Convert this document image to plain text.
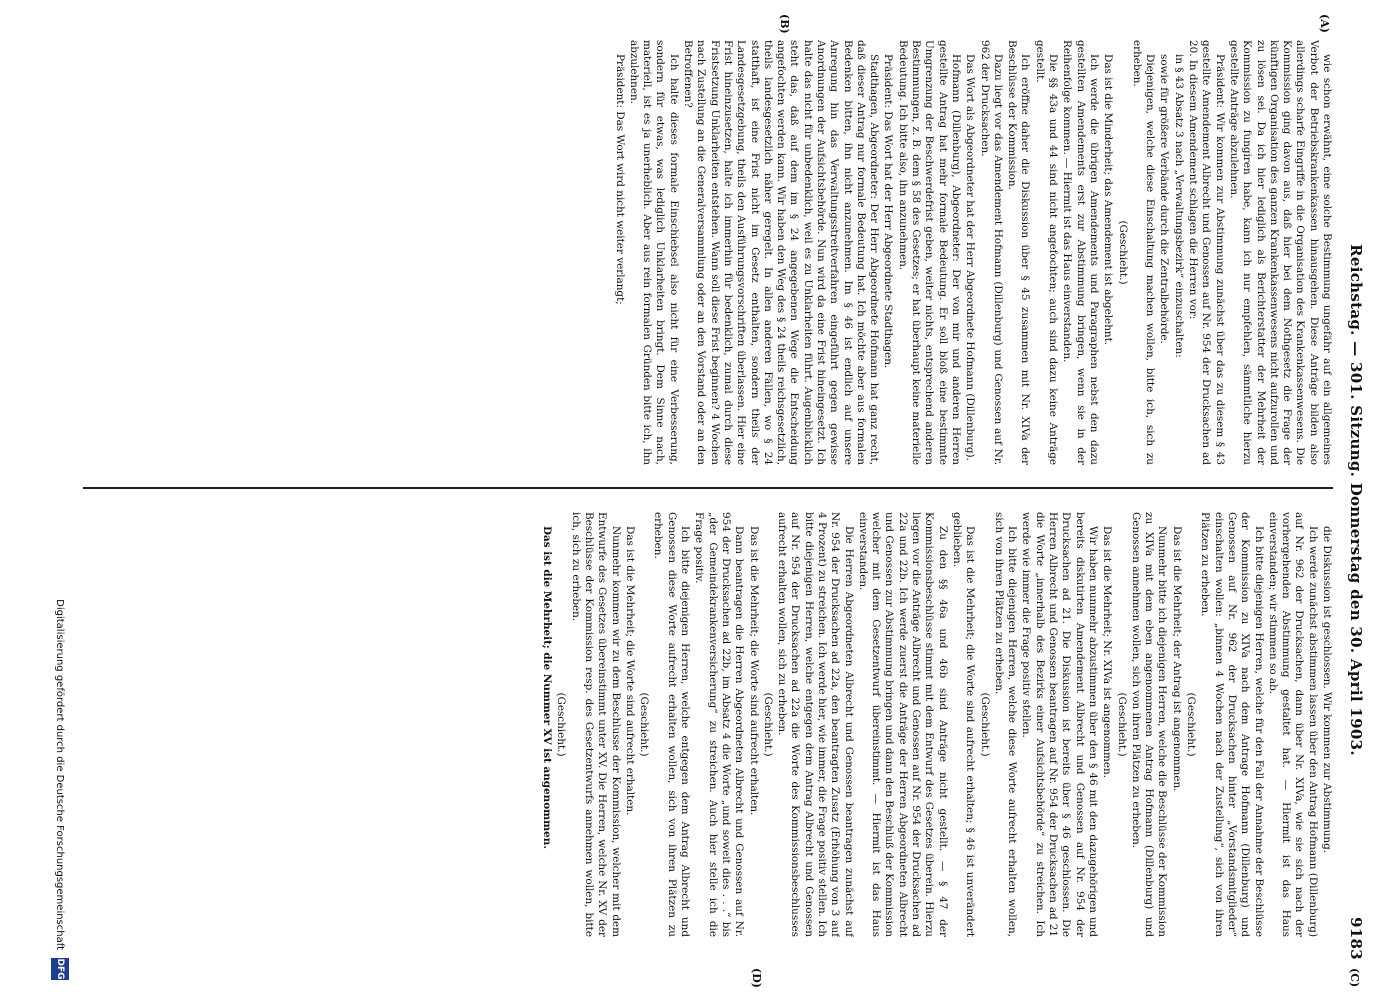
Reichstag. — 301. Sitzung. Donnerstag den 30. April 1903.
9183
(A)
(B)
(C)
(D)

wie schon erwähnt, eine solche Bestimmung ungefähr auf ein allgemeines Verbot der Betriebskrankenkassen hinausgehen. Diese Anträge bilden also allerdings scharfe Eingriffe in die Organisation des Krankenkassenwesens. Die Kommission ging davon aus, daß hier bei dem Nothgesetz die Frage der künftigen Organisation des ganzen Krankenkassenwesens nicht aufzurollen und zu lösen sei. Da ich hier lediglich als Berichterstatter der Mehrheit der Kommission zu fungiren habe, kann ich nur empfehlen, sämmtliche hierzu gestellte Anträge abzulehnen.

Präsident: Wir kommen zur Abstimmung zunächst über das zu diesem § 43 gestellte Amendement Albrecht und Genossen auf Nr. 954 der Drucksachen ad 20. In diesem Amendement schlagen die Herren vor:

in § 43 Absatz 3 nach „Verwaltungsbezirk“ einzuschalten:

sowie für größere Verbände durch die Zentralbehörde.

Diejenigen, welche diese Einschaltung machen wollen, bitte ich, sich zu erheben.

(Geschieht.)

Das ist die Minderheit; das Amendement ist abgelehnt.

Ich werde die übrigen Amendements und Paragraphen nebst den dazu gestellten Amendements erst zur Abstimmung bringen, wenn sie in der Reihenfolge kommen. — Hiermit ist das Haus einverstanden.

Die §§ 43a und 44 sind nicht angefochten; auch sind dazu keine Anträge gestellt.

Ich eröffne daher die Diskussion über § 45 zusammen mit Nr. XIVa der Beschlüsse der Kommission.

Dazu liegt vor das Amendement Hofmann (Dillenburg) und Genossen auf Nr. 962 der Drucksachen.

Das Wort als Abgeordneter hat der Herr Abgeordnete Hofmann (Dillenburg).

Hofmann (Dillenburg), Abgeordneter: Der von mir und anderen Herren gestellte Antrag hat mehr formale Bedeutung. Er soll bloß eine bestimmte Umgrenzung der Beschwerdefrist geben, weiter nichts, entsprechend anderen Bestimmungen, z. B. dem § 58 des Gesetzes; er hat überhaupt keine materielle Bedeutung. Ich bitte also, ihn anzunehmen.

Präsident: Das Wort hat der Herr Abgeordnete Stadthagen.

Stadthagen, Abgeordneter: Der Herr Abgeordnete Hofmann hat ganz recht, daß dieser Antrag nur formale Bedeutung hat. Ich möchte aber aus formalen Bedenken bitten, ihn nicht anzunehmen. Im § 46 ist endlich auf unsere Anregung hin das Verwaltungsstreitverfahren eingeführt gegen gewisse Anordnungen der Aufsichtsbehörde. Nun wird da eine Frist hineingesetzt. Ich halte das nicht für unbedenklich, weil es zu Unklarheiten führt. Augenblicklich steht das, daß auf dem im § 24 angegebenen Wege die Entscheidung angefochten werden kann. Wir haben den Weg des § 24 theils reichsgesetzlich, theils landesgesetzlich näher geregelt. In allen anderen Fällen, wo § 24 statthaft, ist eine Frist nicht im Gesetz enthalten, sondern theils der Landesgesetzgebung, theils den Ausführungsvorschriften überlassen. Hier eine Frist hineinzusetzen, halte ich immerhin für bedenklich, zumal durch diese Fristsetzung Unklarheiten entstehen. Wann soll diese Frist beginnen? 4 Wochen nach Zustellung an die Generalversammlung oder an den Vorstand oder an den Betroffenen?

Ich halte dieses formale Einschiebsel also nicht für eine Verbesserung, sondern für etwas, was lediglich Unklarheiten bringt. Dem Sinne nach, materiell, ist es ja unerheblich. Aber aus rein formalen Gründen bitte ich, ihn abzulehnen.

Präsident: Das Wort wird nicht weiter verlangt;

die Diskussion ist geschlossen. Wir kommen zur Abstimmung.

Ich werde zunächst abstimmen lassen über den Antrag Hofmann (Dillenburg) auf Nr. 962 der Drucksachen, dann über Nr. XIVa, wie sie sich nach der vorhergehenden Abstimmung gestaltet hat. — Hiermit ist das Haus einverstanden; wir stimmen so ab.

Ich bitte diejenigen Herren, welche für den Fall der Annahme der Beschlüsse der Kommission zu XIVa nach dem Antrage Hofmann (Dillenburg) und Genossen auf Nr. 962 der Drucksachen hinter „Vorstandsmitglieder“ einschalten wollen: „binnen 4 Wochen nach der Zustellung“, sich von ihren Plätzen zu erheben.

(Geschieht.)

Das ist die Mehrheit; der Antrag ist angenommen.

Nunmehr bitte ich diejenigen Herren, welche die Beschlüsse der Kommission zu XIVa mit dem eben angenommenen Antrag Hofmann (Dillenburg) und Genossen annehmen wollen, sich von ihren Plätzen zu erheben.

(Geschieht.)

Das ist die Mehrheit; Nr. XIVa ist angenommen.

Wir haben nunmehr abzustimmen über den § 46 mit den dazugehörigen und bereits diskutirten Amendement Albrecht und Genossen auf Nr. 954 der Drucksachen ad 21. Die Diskussion ist bereits über § 46 geschlossen. Die Herren Albrecht und Genossen beantragen auf Nr. 954 der Drucksachen ad 21 die Worte „innerhalb des Bezirks einer Aufsichtsbehörde“ zu streichen. Ich werde wie immer die Frage positiv stellen.

Ich bitte diejenigen Herren, welche diese Worte aufrecht erhalten wollen, sich von ihren Plätzen zu erheben.

(Geschieht.)

Das ist die Mehrheit; die Worte sind aufrecht erhalten; § 46 ist unverändert geblieben.

Zu den §§ 46a und 46b sind Anträge nicht gestellt. — § 47 der Kommissionsbeschlüsse stimmt mit dem Entwurf des Gesetzes überein. Hierzu liegen vor die Anträge Albrecht und Genossen auf Nr. 954 der Drucksachen ad 22a und 22b. Ich werde zuerst die Anträge der Herren Abgeordneten Albrecht und Genossen zur Abstimmung bringen und dann den Beschluß der Kommission welcher mit dem Gesetzentwurf übereinstimmt. — Hiermit ist das Haus einverstanden.

Die Herren Abgeordneten Albrecht und Genossen beantragen zunächst auf Nr. 954 der Drucksachen ad 22a, den beantragten Zusatz (Erhöhung von 3 auf 4 Prozent) zu streichen. Ich werde hier, wie immer, die Frage positiv stellen. Ich bitte diejenigen Herren, welche entgegen dem Antrag Albrecht und Genossen auf Nr. 954 der Drucksachen ad 22a die Worte des Kommissionsbeschlusses aufrecht erhalten wollen, sich zu erheben.

(Geschieht.)

Das ist die Mehrheit; die Worte sind aufrecht erhalten.

Dann beantragen die Herren Abgeordneten Albrecht und Genossen auf Nr. 954 der Drucksachen ad 22b, im Absatz 4 die Worte „und soweit dies . . .“ bis „der Gemeindekrankenversicherung“ zu streichen. Auch hier stelle ich die Frage positiv.

Ich bitte diejenigen Herren, welche entgegen dem Antrag Albrecht und Genossen diese Worte aufrecht erhalten wollen, sich von ihren Plätzen zu erheben.

(Geschieht.)

Das ist die Mehrheit; die Worte sind aufrecht erhalten.

Nunmehr kommen wir zu dem Beschlusse der Kommission, welcher mit dem Entwurfe des Gesetzes übereinstimmt unter XV. Die Herren, welche Nr. XV der Beschlüsse der Kommission resp. des Gesetzentwurfs annehmen wollen, bitte ich, sich zu erheben.

(Geschieht.)

Das ist die Mehrheit; die Nummer XV ist angenommen.

Digitalisierung gefördert durch die Deutsche Forschungsgemeinschaft
DFG
